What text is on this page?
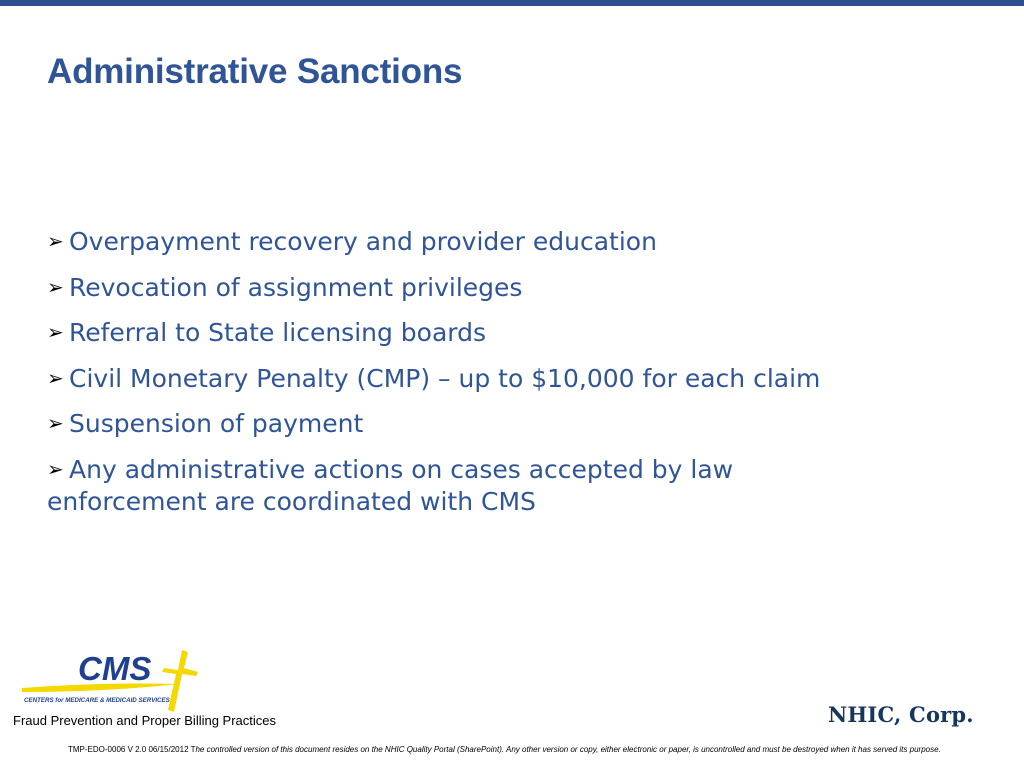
Administrative Sanctions
➢ Overpayment recovery and provider education
➢ Revocation of assignment privileges
➢ Referral to State licensing boards
➢ Civil Monetary Penalty (CMP) – up to $10,000 for each claim
➢ Suspension of payment
➢ Any administrative actions on cases accepted by law enforcement are coordinated with CMS
CMS
CENTERS for MEDICARE & MEDICAID SERVICES
Fraud Prevention and Proper Billing Practices	NHIC, Corp.
TMP-EDO-0006 V 2.0 06/15/2012 The controlled version of this document resides on the NHIC Quality Portal (SharePoint). Any other version or copy, either electronic or paper, is uncontrolled and must be destroyed when it has served its purpose.
